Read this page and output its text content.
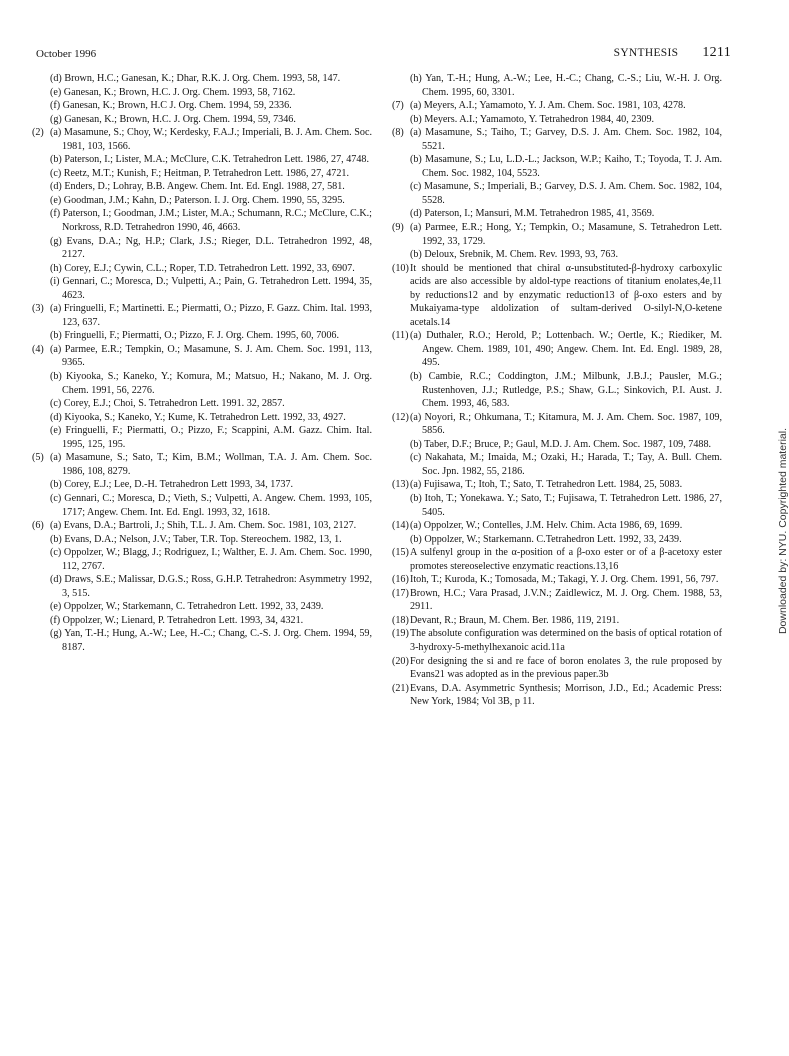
October 1996	SYNTHESIS 1211
(d) Brown, H.C.; Ganesan, K.; Dhar, R.K. J. Org. Chem. 1993, 58, 147.
(e) Ganesan, K.; Brown, H.C. J. Org. Chem. 1993, 58, 7162.
(f) Ganesan, K.; Brown, H.C J. Org. Chem. 1994, 59, 2336.
(g) Ganesan, K.; Brown, H.C. J. Org. Chem. 1994, 59, 7346.
(2) (a) Masamune, S.; Choy, W.; Kerdesky, F.A.J.; Imperiali, B. J. Am. Chem. Soc. 1981, 103, 1566.
(b) Paterson, I.; Lister, M.A.; McClure, C.K. Tetrahedron Lett. 1986, 27, 4748.
(c) Reetz, M.T.; Kunish, F.; Heitman, P. Tetrahedron Lett. 1986, 27, 4721.
(d) Enders, D.; Lohray, B.B. Angew. Chem. Int. Ed. Engl. 1988, 27, 581.
(e) Goodman, J.M.; Kahn, D.; Paterson. I. J. Org. Chem. 1990, 55, 3295.
(f) Paterson, I.; Goodman, J.M.; Lister, M.A.; Schumann, R.C.; McClure, C.K.; Norkross, R.D. Tetrahedron 1990, 46, 4663.
(g) Evans, D.A.; Ng, H.P.; Clark, J.S.; Rieger, D.L. Tetrahedron 1992, 48, 2127.
(h) Corey, E.J.; Cywin, C.L.; Roper, T.D. Tetrahedron Lett. 1992, 33, 6907.
(i) Gennari, C.; Moresca, D.; Vulpetti, A.; Pain, G. Tetrahedron Lett. 1994, 35, 4623.
(3) (a) Fringuelli, F.; Martinetti. E.; Piermatti, O.; Pizzo, F. Gazz. Chim. Ital. 1993, 123, 637.
(b) Fringuelli, F.; Piermatti, O.; Pizzo, F. J. Org. Chem. 1995, 60, 7006.
(4) (a) Parmee, E.R.; Tempkin, O.; Masamune, S. J. Am. Chem. Soc. 1991, 113, 9365.
(b) Kiyooka, S.; Kaneko, Y.; Komura, M.; Matsuo, H.; Nakano, M. J. Org. Chem. 1991, 56, 2276.
(c) Corey, E.J.; Choi, S. Tetrahedron Lett. 1991. 32, 2857.
(d) Kiyooka, S.; Kaneko, Y.; Kume, K. Tetrahedron Lett. 1992, 33, 4927.
(e) Fringuelli, F.; Piermatti, O.; Pizzo, F.; Scappini, A.M. Gazz. Chim. Ital. 1995, 125, 195.
(5) (a) Masamune, S.; Sato, T.; Kim, B.M.; Wollman, T.A. J. Am. Chem. Soc. 1986, 108, 8279.
(b) Corey, E.J.; Lee, D.-H. Tetrahedron Lett 1993, 34, 1737.
(c) Gennari, C.; Moresca, D.; Vieth, S.; Vulpetti, A. Angew. Chem. 1993, 105, 1717; Angew. Chem. Int. Ed. Engl. 1993, 32, 1618.
(6) (a) Evans, D.A.; Bartroli, J.; Shih, T.L. J. Am. Chem. Soc. 1981, 103, 2127.
(b) Evans, D.A.; Nelson, J.V.; Taber, T.R. Top. Stereochem. 1982, 13, 1.
(c) Oppolzer, W.; Blagg, J.; Rodriguez, I.; Walther, E. J. Am. Chem. Soc. 1990, 112, 2767.
(d) Draws, S.E.; Malissar, D.G.S.; Ross, G.H.P. Tetrahedron: Asymmetry 1992, 3, 515.
(e) Oppolzer, W.; Starkemann, C. Tetrahedron Lett. 1992, 33, 2439.
(f) Oppolzer, W.; Lienard, P. Tetrahedron Lett. 1993, 34, 4321.
(g) Yan, T.-H.; Hung, A.-W.; Lee, H.-C.; Chang, C.-S. J. Org. Chem. 1994, 59, 8187.
(h) Yan, T.-H.; Hung, A.-W.; Lee, H.-C.; Chang, C.-S.; Liu, W.-H. J. Org. Chem. 1995, 60, 3301.
(7) (a) Meyers, A.I.; Yamamoto, Y. J. Am. Chem. Soc. 1981, 103, 4278.
(b) Meyers. A.I.; Yamamoto, Y. Tetrahedron 1984, 40, 2309.
(8) (a) Masamune, S.; Taiho, T.; Garvey, D.S. J. Am. Chem. Soc. 1982, 104, 5521.
(b) Masamune, S.; Lu, L.D.-L.; Jackson, W.P.; Kaiho, T.; Toyoda, T. J. Am. Chem. Soc. 1982, 104, 5523.
(c) Masamune, S.; Imperiali, B.; Garvey, D.S. J. Am. Chem. Soc. 1982, 104, 5528.
(d) Paterson, I.; Mansuri, M.M. Tetrahedron 1985, 41, 3569.
(9) (a) Parmee, E.R.; Hong, Y.; Tempkin, O.; Masamune, S. Tetrahedron Lett. 1992, 33, 1729.
(b) Deloux, Srebnik, M. Chem. Rev. 1993, 93, 763.
(10) It should be mentioned that chiral α-unsubstituted-β-hydroxy carboxylic acids are also accessible by aldol-type reactions of titanium enolates,4e,11 by reductions12 and by enzymatic reduction13 of β-oxo esters and by Mukaiyama-type aldolization of sultam-derived O-silyl-N,O-ketene acetals.14
(11) (a) Duthaler, R.O.; Herold, P.; Lottenbach. W.; Oertle, K.; Riediker, M. Angew. Chem. 1989, 101, 490; Angew. Chem. Int. Ed. Engl. 1989, 28, 495.
(b) Cambie, R.C.; Coddington, J.M.; Milbunk, J.B.J.; Pausler, M.G.; Rustenhoven, J.J.; Rutledge, P.S.; Shaw, G.L.; Sinkovich, P.I. Aust. J. Chem. 1993, 46, 583.
(12) (a) Noyori, R.; Ohkumana, T.; Kitamura, M. J. Am. Chem. Soc. 1987, 109, 5856.
(b) Taber, D.F.; Bruce, P.; Gaul, M.D. J. Am. Chem. Soc. 1987, 109, 7488.
(c) Nakahata, M.; Imaida, M.; Ozaki, H.; Harada, T.; Tay, A. Bull. Chem. Soc. Jpn. 1982, 55, 2186.
(13) (a) Fujisawa, T.; Itoh, T.; Sato, T. Tetrahedron Lett. 1984, 25, 5083.
(b) Itoh, T.; Yonekawa. Y.; Sato, T.; Fujisawa, T. Tetrahedron Lett. 1986, 27, 5405.
(14) (a) Oppolzer, W.; Contelles, J.M. Helv. Chim. Acta 1986, 69, 1699.
(b) Oppolzer, W.; Starkemann. C.Tetrahedron Lett. 1992, 33, 2439.
(15) A sulfenyl group in the α-position of a β-oxo ester or of a β-acetoxy ester promotes stereoselective enzymatic reactions.13,16
(16) Itoh, T.; Kuroda, K.; Tomosada, M.; Takagi, Y. J. Org. Chem. 1991, 56, 797.
(17) Brown, H.C.; Vara Prasad, J.V.N.; Zaidlewicz, M. J. Org. Chem. 1988, 53, 2911.
(18) Devant, R.; Braun, M. Chem. Ber. 1986, 119, 2191.
(19) The absolute configuration was determined on the basis of optical rotation of 3-hydroxy-5-methylhexanoic acid.11a
(20) For designing the si and re face of boron enolates 3, the rule proposed by Evans21 was adopted as in the previous paper.3b
(21) Evans, D.A. Asymmetric Synthesis; Morrison, J.D., Ed.; Academic Press: New York, 1984; Vol 3B, p 11.
Downloaded by: NYU. Copyrighted material.
